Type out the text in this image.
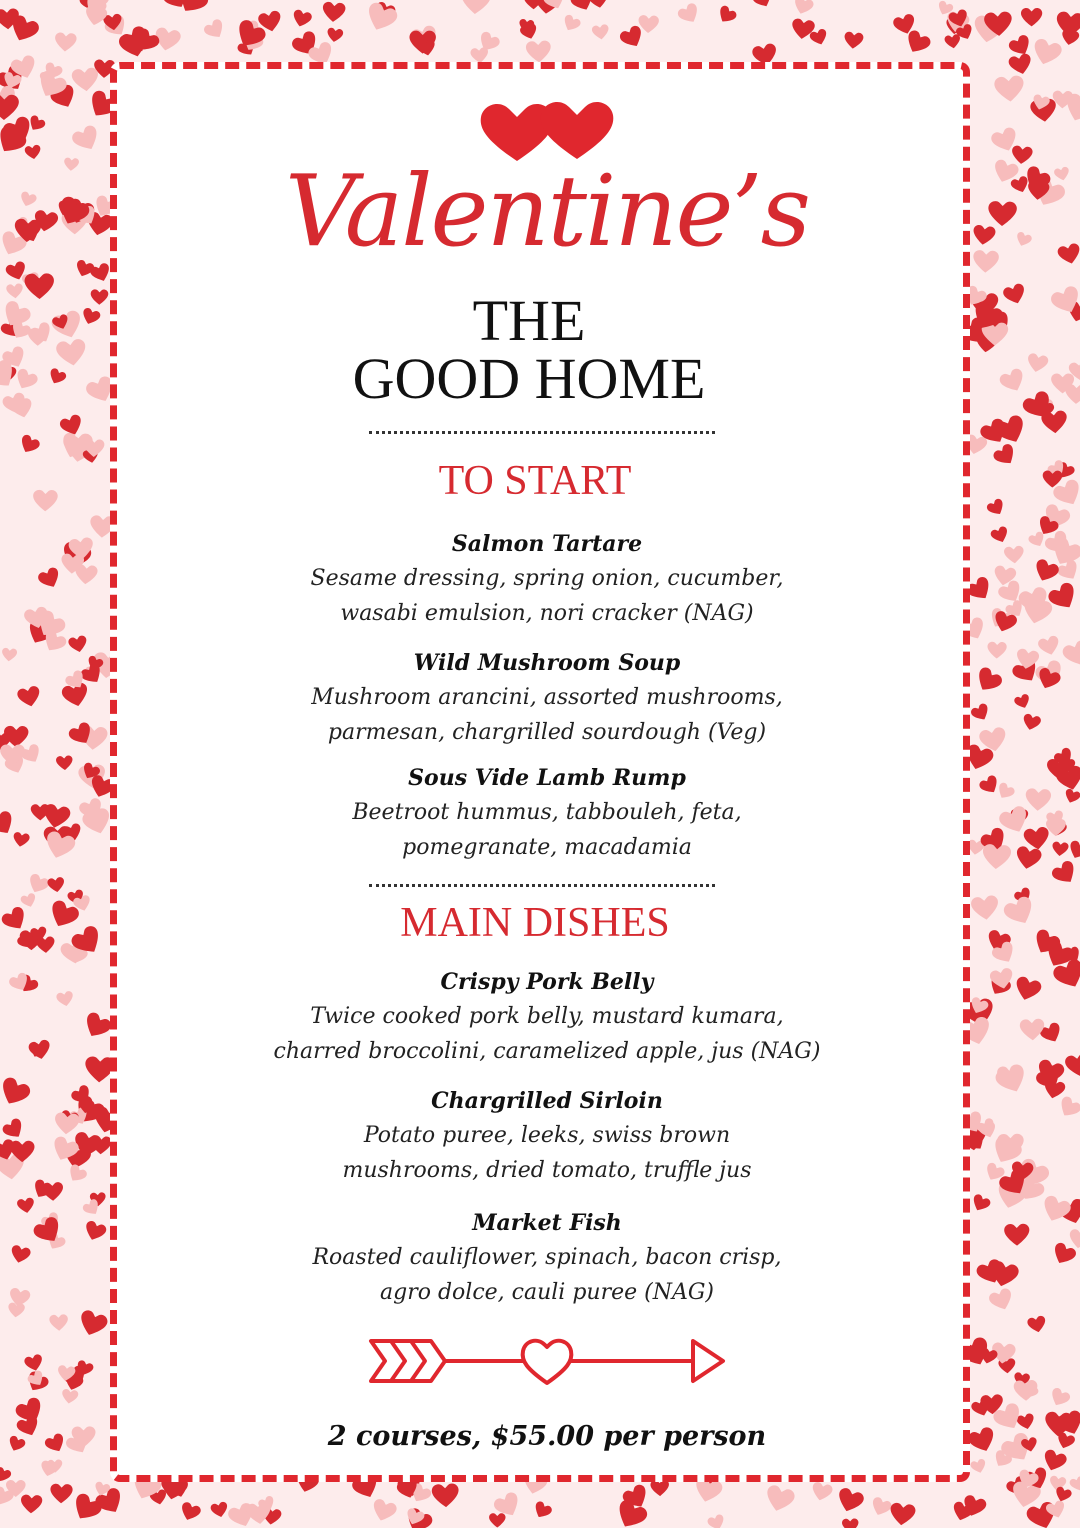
Valentine’s
THE
GOOD HOME
TO START
Salmon Tartare
Sesame dressing, spring onion, cucumber,
wasabi emulsion, nori cracker (NAG)
Wild Mushroom Soup
Mushroom arancini, assorted mushrooms,
parmesan, chargrilled sourdough (Veg)
Sous Vide Lamb Rump
Beetroot hummus, tabbouleh, feta,
pomegranate, macadamia
MAIN DISHES
Crispy Pork Belly
Twice cooked pork belly, mustard kumara,
charred broccolini, caramelized apple, jus (NAG)
Chargrilled Sirloin
Potato puree, leeks, swiss brown
mushrooms, dried tomato, truffle jus
Market Fish
Roasted cauliflower, spinach, bacon crisp,
agro dolce, cauli puree (NAG)
2 courses, $55.00 per person
